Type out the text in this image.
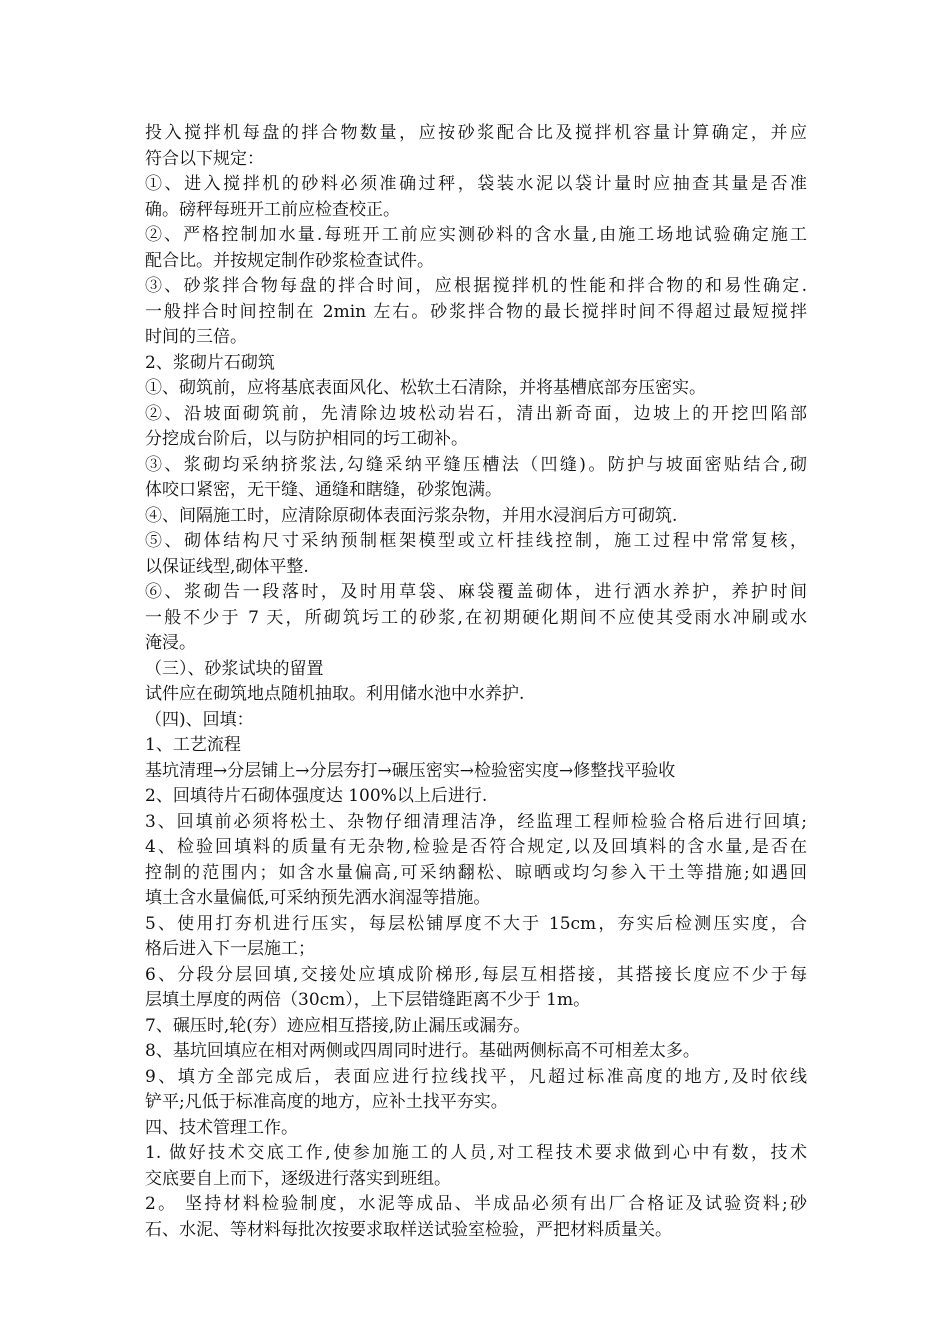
投入搅拌机每盘的拌合物数量，应按砂浆配合比及搅拌机容量计算确定，并应
符合以下规定：
①、进入搅拌机的砂料必须准确过秤，袋装水泥以袋计量时应抽查其量是否准
确。磅秤每班开工前应检查校正。
②、严格控制加水量.每班开工前应实测砂料的含水量,由施工场地试验确定施工
配合比。并按规定制作砂浆检查试件。
③、砂浆拌合物每盘的拌合时间，应根据搅拌机的性能和拌合物的和易性确定.
一般拌合时间控制在 2min 左右。砂浆拌合物的最长搅拌时间不得超过最短搅拌
时间的三倍。
2、浆砌片石砌筑
①、砌筑前，应将基底表面风化、松软土石清除，并将基槽底部夯压密实。
②、沿坡面砌筑前，先清除边坡松动岩石，清出新奇面，边坡上的开挖凹陷部
分挖成台阶后，以与防护相同的圬工砌补。
③、浆砌均采纳挤浆法,勾缝采纳平缝压槽法（凹缝)。防护与坡面密贴结合,砌
体咬口紧密，无干缝、通缝和瞎缝，砂浆饱满。
④、间隔施工时，应清除原砌体表面污浆杂物，并用水浸润后方可砌筑.
⑤、砌体结构尺寸采纳预制框架模型或立杆挂线控制，施工过程中常常复核，
以保证线型,砌体平整.
⑥、浆砌告一段落时，及时用草袋、麻袋覆盖砌体，进行洒水养护，养护时间
一般不少于 7 天，所砌筑圬工的砂浆,在初期硬化期间不应使其受雨水冲刷或水
淹浸。
（三）、砂浆试块的留置
试件应在砌筑地点随机抽取。利用储水池中水养护.
（四)、回填：
1、工艺流程
基坑清理→分层铺上→分层夯打→碾压密实→检验密实度→修整找平验收
2、回填待片石砌体强度达 100%以上后进行.
3、回填前必须将松土、杂物仔细清理洁净，经监理工程师检验合格后进行回填;
4、检验回填料的质量有无杂物,检验是否符合规定,以及回填料的含水量,是否在
控制的范围内；如含水量偏高,可采纳翻松、晾晒或均匀参入干土等措施;如遇回
填土含水量偏低,可采纳预先洒水润湿等措施。
5、使用打夯机进行压实，每层松铺厚度不大于 15cm，夯实后检测压实度，合
格后进入下一层施工；
6、分段分层回填,交接处应填成阶梯形,每层互相搭接，其搭接长度应不少于每
层填土厚度的两倍（30cm），上下层错缝距离不少于 1m。
7、碾压时,轮(夯）迹应相互搭接,防止漏压或漏夯。
8、基坑回填应在相对两侧或四周同时进行。基础两侧标高不可相差太多。
9、填方全部完成后，表面应进行拉线找平，凡超过标准高度的地方,及时依线
铲平;凡低于标准高度的地方，应补土找平夯实。
四、技术管理工作。
1. 做好技术交底工作,使参加施工的人员,对工程技术要求做到心中有数，技术
交底要自上而下，逐级进行落实到班组。
2。 坚持材料检验制度，水泥等成品、半成品必须有出厂合格证及试验资料;砂
石、水泥、等材料每批次按要求取样送试验室检验，严把材料质量关。
